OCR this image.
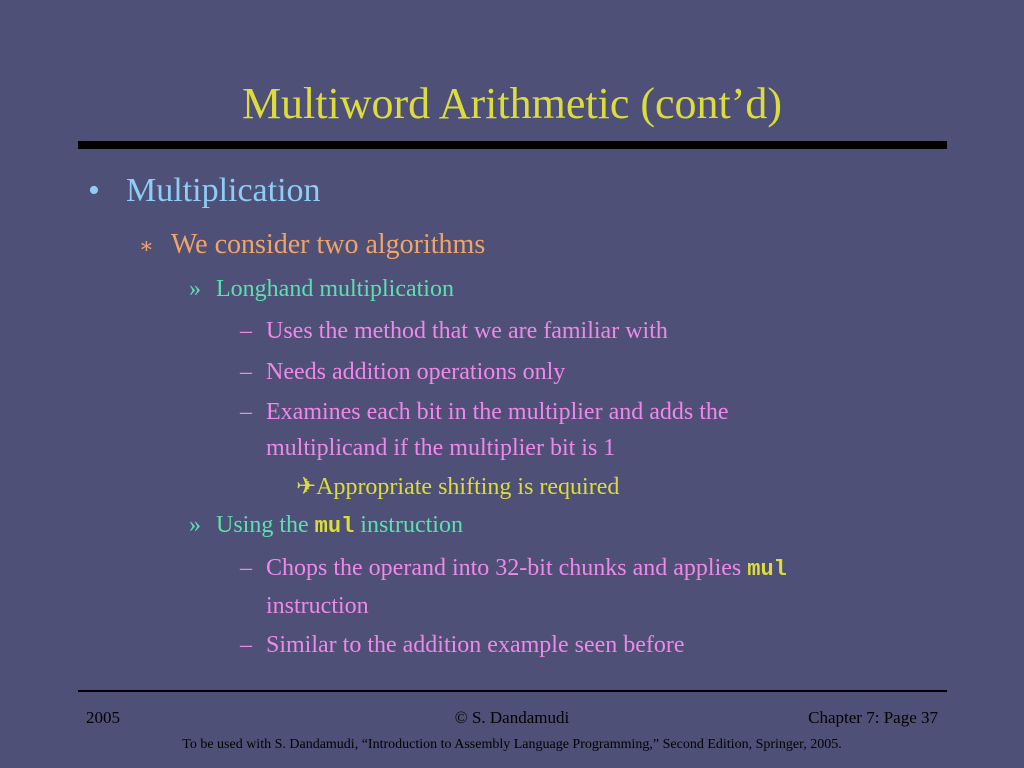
Multiword Arithmetic (cont’d)
• Multiplication
∗ We consider two algorithms
» Longhand multiplication
– Uses the method that we are familiar with
– Needs addition operations only
– Examines each bit in the multiplier and adds the
multiplicand if the multiplier bit is 1
✈Appropriate shifting is required
» Using the mul instruction
– Chops the operand into 32-bit chunks and applies mul
instruction
– Similar to the addition example seen before
2005	© S. Dandamudi	Chapter 7: Page 37
To be used with S. Dandamudi, “Introduction to Assembly Language Programming,” Second Edition, Springer, 2005.
